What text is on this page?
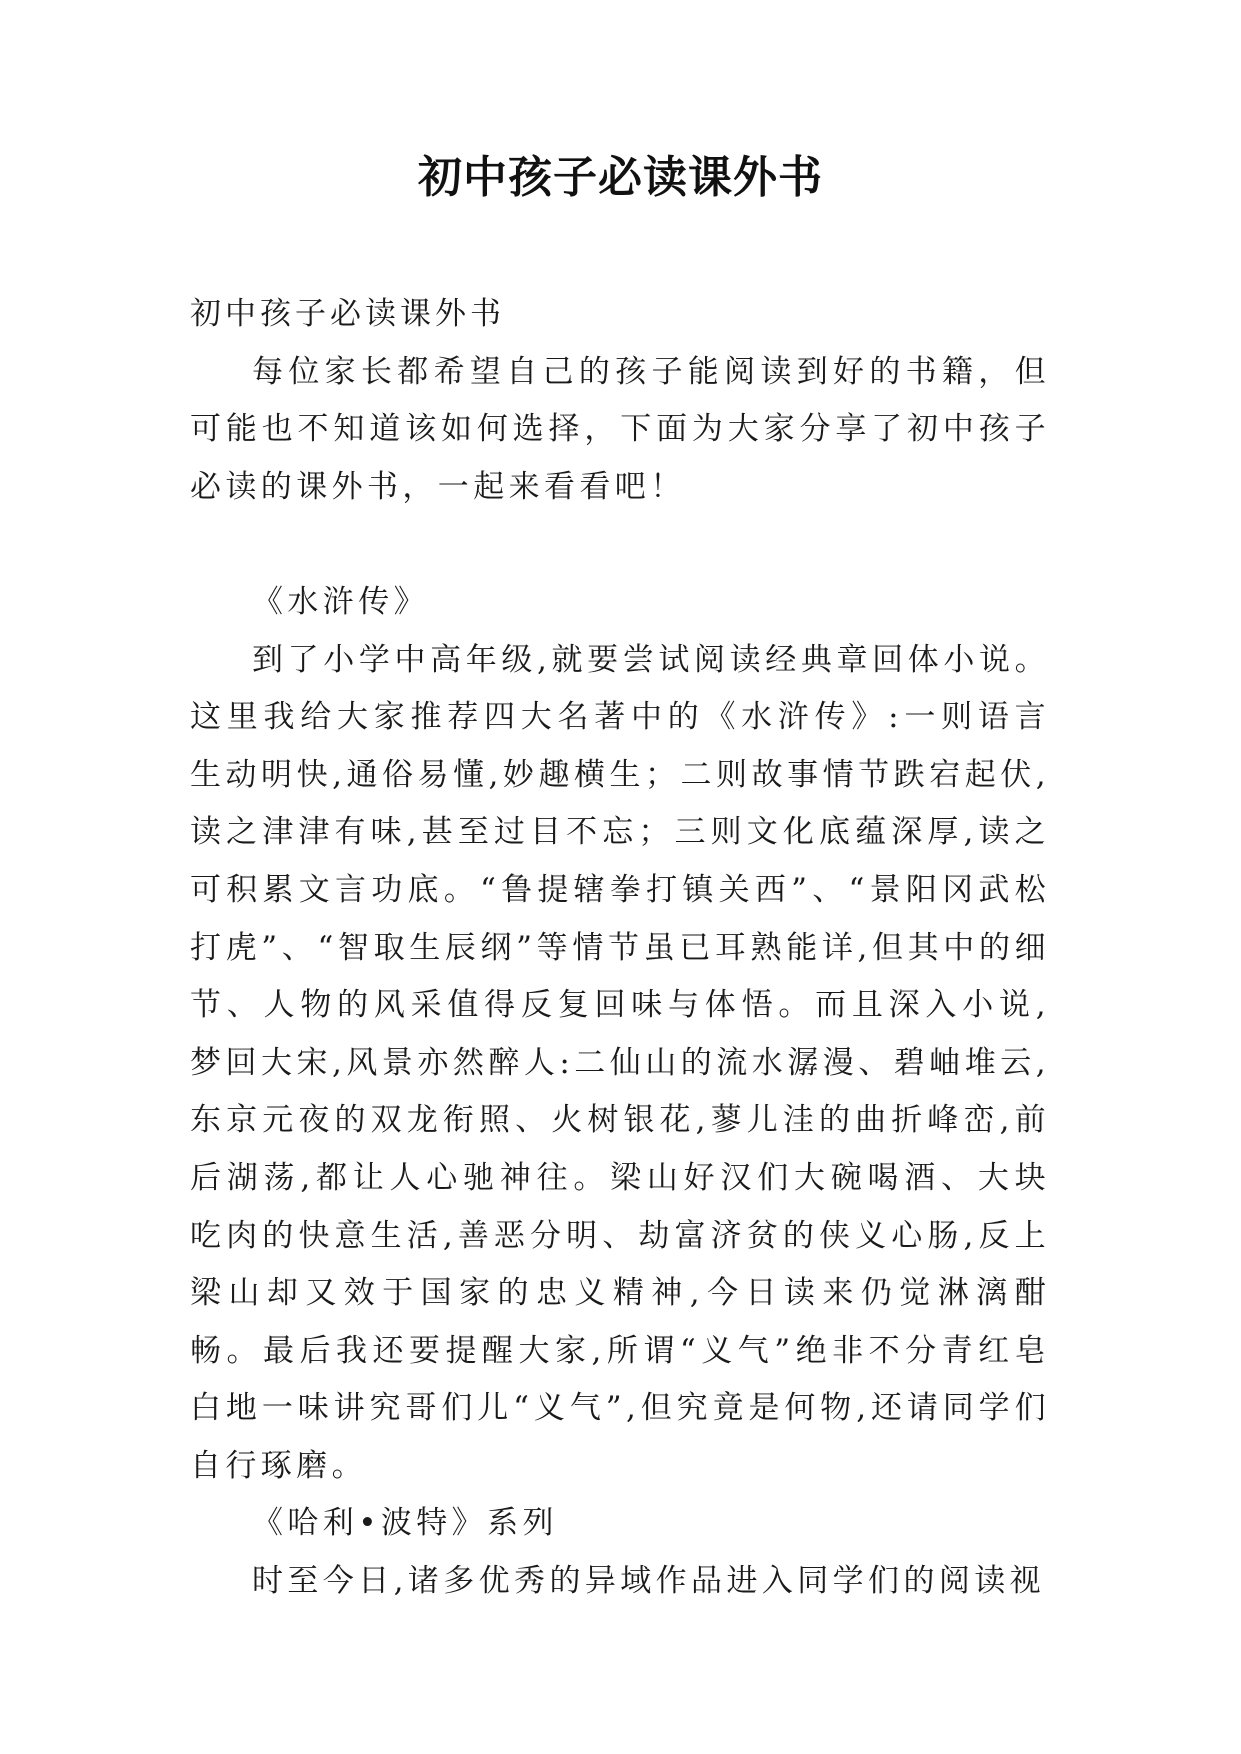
初中孩子必读课外书

初中孩子必读课外书

每位家长都希望自己的孩子能阅读到好的书籍，但可能也不知道该如何选择，下面为大家分享了初中孩子必读的课外书，一起来看看吧！

《水浒传》

到了小学中高年级,就要尝试阅读经典章回体小说。这里我给大家推荐四大名著中的《水浒传》:一则语言生动明快,通俗易懂,妙趣横生；二则故事情节跌宕起伏,读之津津有味,甚至过目不忘；三则文化底蕴深厚,读之可积累文言功底。“鲁提辖拳打镇关西”、“景阳冈武松打虎”、“智取生辰纲”等情节虽已耳熟能详,但其中的细节、人物的风采值得反复回味与体悟。而且深入小说,梦回大宋,风景亦然醉人:二仙山的流水潺漫、碧岫堆云,东京元夜的双龙衔照、火树银花,蓼儿洼的曲折峰峦,前后湖荡,都让人心驰神往。梁山好汉们大碗喝酒、大块吃肉的快意生活,善恶分明、劫富济贫的侠义心肠,反上梁山却又效于国家的忠义精神,今日读来仍觉淋漓酣畅。最后我还要提醒大家,所谓“义气”绝非不分青红皂白地一味讲究哥们儿“义气”,但究竟是何物,还请同学们自行琢磨。

《哈利•波特》系列

时至今日,诸多优秀的异域作品进入同学们的阅读视
